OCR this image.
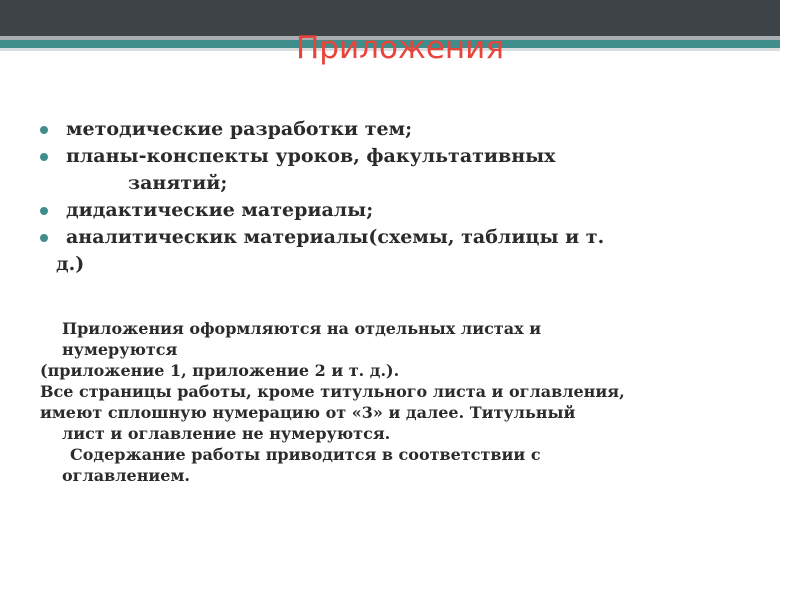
Приложения
методические разработки тем;
планы-конспекты уроков, факультативных
занятий;
дидактические материалы;
аналитическик материалы(схемы, таблицы и т.
д.)

Приложения оформляются на отдельных листах и

нумеруются

(приложение 1, приложение 2 и т. д.).

Все страницы работы, кроме титульного листа и оглавления,

имеют сплошную нумерацию от «3» и далее. Титульный

лист и оглавление не нумеруются.

Содержание работы приводится в соответствии с

оглавлением.
